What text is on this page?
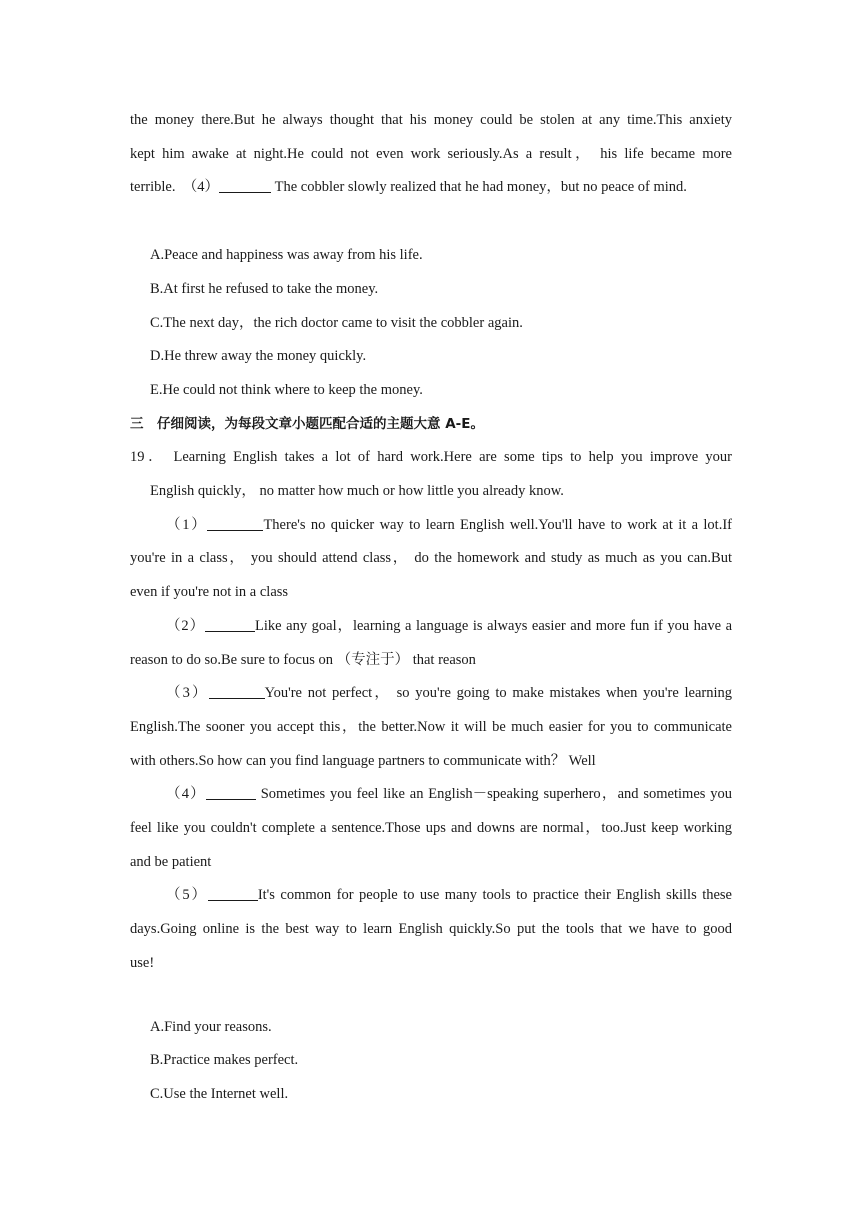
the money there.But he always thought that his money could be stolen at any time.This anxiety

kept him awake at night.He could not even work seriously.As a result， his life became more

terrible.　（4）	The cobbler slowly realized that he had money，but no peace of mind.

A.Peace and happiness was away from his life.

B.At first he refused to take the money.

C.The next day，the rich doctor came to visit the cobbler again.

D.He threw away the money quickly.

E.He could not think where to keep the money.

三　仔细阅读，为每段文章小题匹配合适的主题大意 A-E。

19． Learning English takes a lot of hard work.Here are some tips to help you improve your

English quickly， no matter how much or how little you already know.

（1）	There's no quicker way to learn English well.You'll have to work at it a lot.If

you're in a class， you should attend class， do the homework and study as much as you can.But

even if you're not in a class

（2）	Like any goal，learning a language is always easier and more fun if you have a

reason to do so.Be sure to focus on （专注于） that reason

（3）	You're not perfect， so you're going to make mistakes when you're learning

English.The sooner you accept this，the better.Now it will be much easier for you to communicate

with others.So how can you find language partners to communicate with？ Well

（4）	Sometimes you feel like an English－speaking superhero，and sometimes you

feel like you couldn't complete a sentence.Those ups and downs are normal，too.Just keep working

and be patient

（5）	It's common for people to use many tools to practice their English skills these

days.Going online is the best way to learn English quickly.So put the tools that we have to good

use!

A.Find your reasons.

B.Practice makes perfect.

C.Use the Internet well.
